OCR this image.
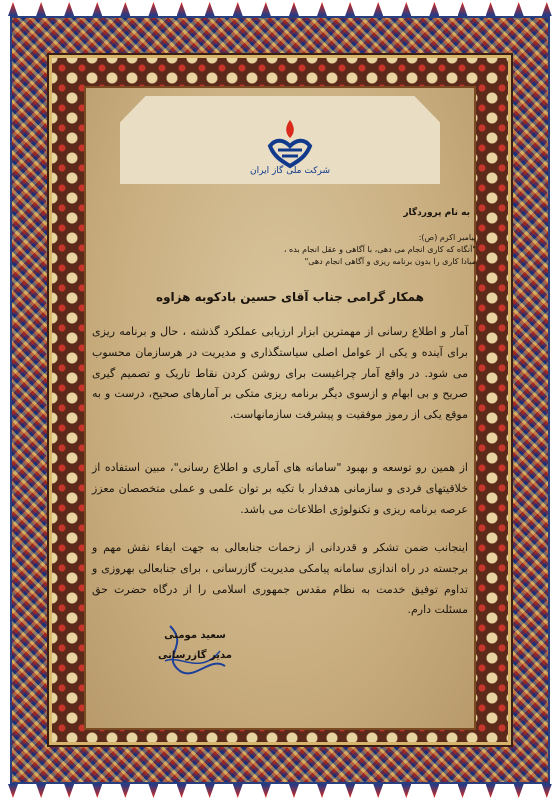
شرکت ملی گاز ایران
به نام پروردگار
پیامبر اکرم (ص):
"آنگاه که کاری انجام می دهی، با آگاهی و عقل انجام بده ،
مبادا کاری را بدون برنامه ریزی و آگاهی انجام دهی"
همکار گرامی جناب آقای حسین بادکوبه هزاوه
آمار و اطلاع رسانی از مهمترین ابزار ارزیابی عملکرد گذشته ، حال و برنامه ریزی برای آینده و یکی از عوامل اصلی سیاستگذاری و مدیریت در هرسازمان محسوب می شود. در واقع آمار چراغیست برای روشن کردن نقاط تاریک و تصمیم گیری صریح و بی ابهام و ازسوی دیگر برنامه ریزی متکی بر آمارهای صحیح، درست و به موقع یکی از رموز موفقیت و پیشرفت سازمانهاست.
از همین رو توسعه و بهبود "سامانه های آماری و اطلاع رسانی"، مبین استفاده از خلاقیتهای فردی و سازمانی هدفدار با تکیه بر توان علمی و عملی متخصصان معزز عرصه برنامه ریزی و تکنولوژی اطلاعات می باشد.
اینجانب ضمن تشکر و قدردانی از زحمات جنابعالی به جهت ایفاء نقش مهم و برجسته در راه اندازی سامانه پیامکی مدیریت گازرسانی ، برای جنابعالی بهروزی و تداوم توفیق خدمت به نظام مقدس جمهوری اسلامی را از درگاه حضرت حق مسئلت دارم.
سعید مومنی
مدیر گازرسانی
